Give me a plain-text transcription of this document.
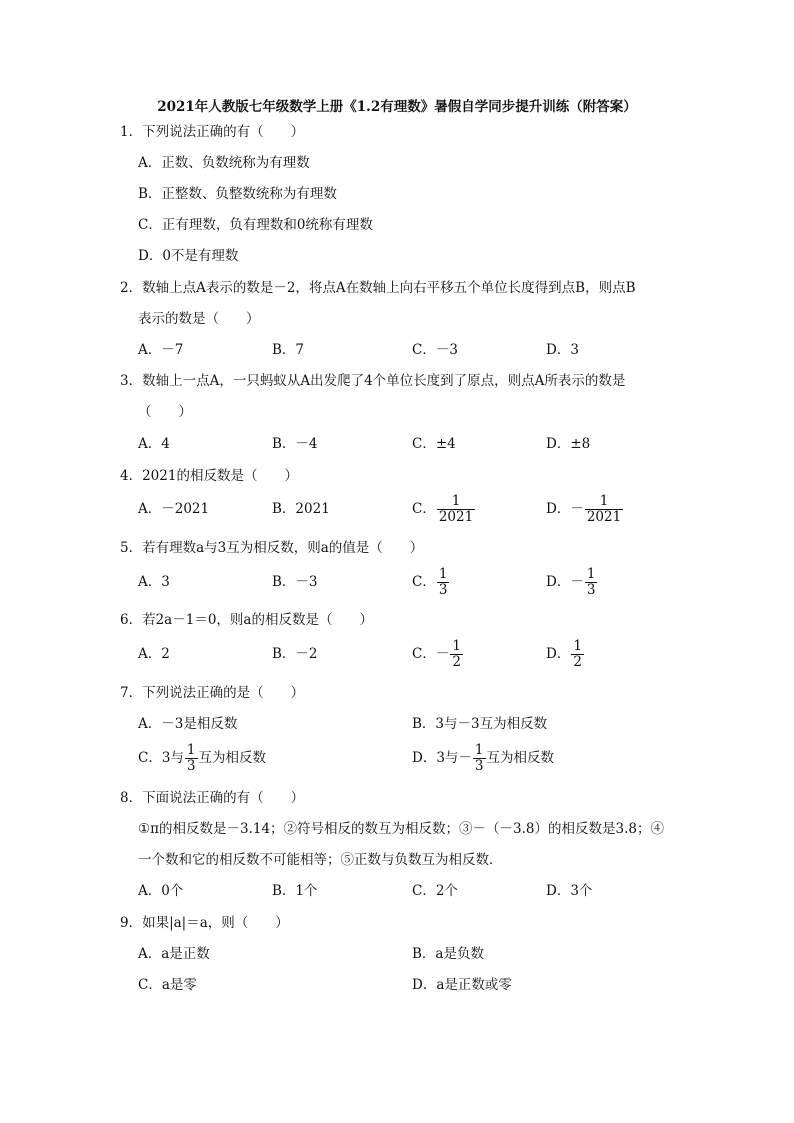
2021年人教版七年级数学上册《1.2有理数》暑假自学同步提升训练（附答案）
1．下列说法正确的有（　　）
A．正数、负数统称为有理数
B．正整数、负整数统称为有理数
C．正有理数，负有理数和0统称有理数
D．0不是有理数
2．数轴上点A表示的数是－2，将点A在数轴上向右平移五个单位长度得到点B，则点B
表示的数是（　　）
A．－7	B．7	C．－3	D．3
3．数轴上一点A，一只蚂蚁从A出发爬了4个单位长度到了原点，则点A所表示的数是
（　　）
A．4	B．－4	C．±4	D．±8
4．2021的相反数是（　　）
A．－2021	B．2021	C． $\frac{1}{2021}$	D．－ $\frac{1}{2021}$
5．若有理数a与3互为相反数，则a的值是（　　）
A．3	B．－3	C． $\frac{1}{3}$	D．－ $\frac{1}{3}$
6．若2a－1＝0，则a的相反数是（　　）
A．2	B．－2	C．－ $\frac{1}{2}$	D． $\frac{1}{2}$
7．下列说法正确的是（　　）
A．－3是相反数	B．3与－3互为相反数
C．3与 $\frac{1}{3}$ 互为相反数	D．3与－ $\frac{1}{3}$ 互为相反数
8．下面说法正确的有（　　）
①π的相反数是－3.14；②符号相反的数互为相反数；③－（－3.8）的相反数是3.8；④
一个数和它的相反数不可能相等；⑤正数与负数互为相反数．
A．0个	B．1个	C．2个	D．3个
9．如果|a|＝a，则（　　）
A．a是正数	B．a是负数
C．a是零	D．a是正数或零
